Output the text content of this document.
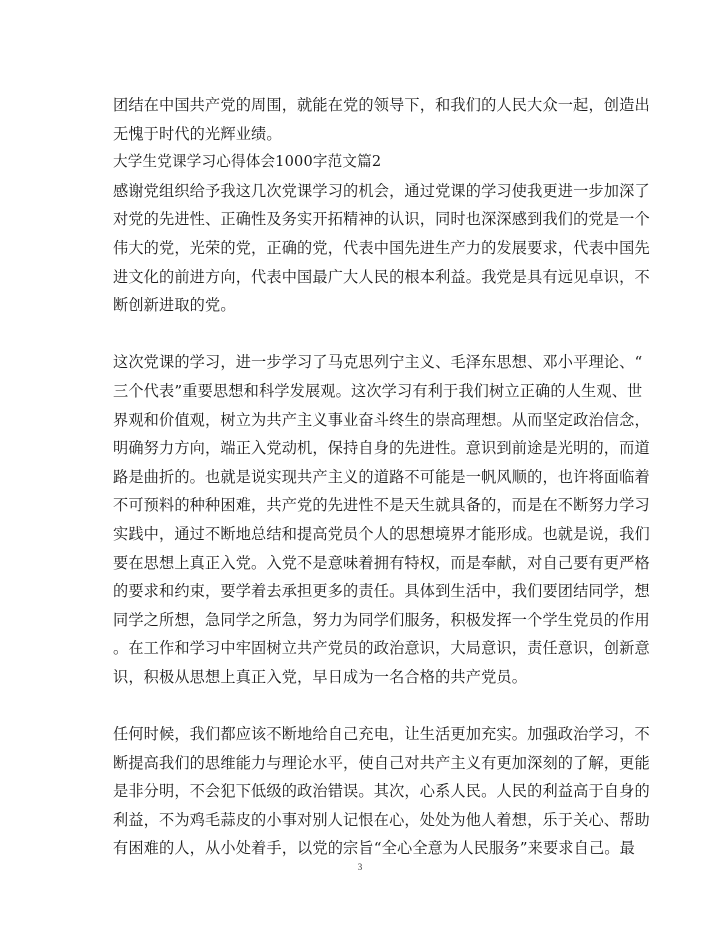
团结在中国共产党的周围，就能在党的领导下，和我们的人民大众一起，创造出
无愧于时代的光辉业绩。
大学生党课学习心得体会1000字范文篇2
感谢党组织给予我这几次党课学习的机会，通过党课的学习使我更进一步加深了
对党的先进性、正确性及务实开拓精神的认识，同时也深深感到我们的党是一个
伟大的党，光荣的党，正确的党，代表中国先进生产力的发展要求，代表中国先
进文化的前进方向，代表中国最广大人民的根本利益。我党是具有远见卓识，不
断创新进取的党。
这次党课的学习，进一步学习了马克思列宁主义、毛泽东思想、邓小平理论、“
三个代表”重要思想和科学发展观。这次学习有利于我们树立正确的人生观、世
界观和价值观，树立为共产主义事业奋斗终生的崇高理想。从而坚定政治信念，
明确努力方向，端正入党动机，保持自身的先进性。意识到前途是光明的，而道
路是曲折的。也就是说实现共产主义的道路不可能是一帆风顺的，也许将面临着
不可预料的种种困难，共产党的先进性不是天生就具备的，而是在不断努力学习
实践中，通过不断地总结和提高党员个人的思想境界才能形成。也就是说，我们
要在思想上真正入党。入党不是意味着拥有特权，而是奉献，对自己要有更严格
的要求和约束，要学着去承担更多的责任。具体到生活中，我们要团结同学，想
同学之所想，急同学之所急，努力为同学们服务，积极发挥一个学生党员的作用
。在工作和学习中牢固树立共产党员的政治意识，大局意识，责任意识，创新意
识，积极从思想上真正入党，早日成为一名合格的共产党员。
任何时候，我们都应该不断地给自己充电，让生活更加充实。加强政治学习，不
断提高我们的思维能力与理论水平，使自己对共产主义有更加深刻的了解，更能
是非分明，不会犯下低级的政治错误。其次，心系人民。人民的利益高于自身的
利益，不为鸡毛蒜皮的小事对别人记恨在心，处处为他人着想，乐于关心、帮助
有困难的人，从小处着手，以党的宗旨“全心全意为人民服务”来要求自己。最
3
